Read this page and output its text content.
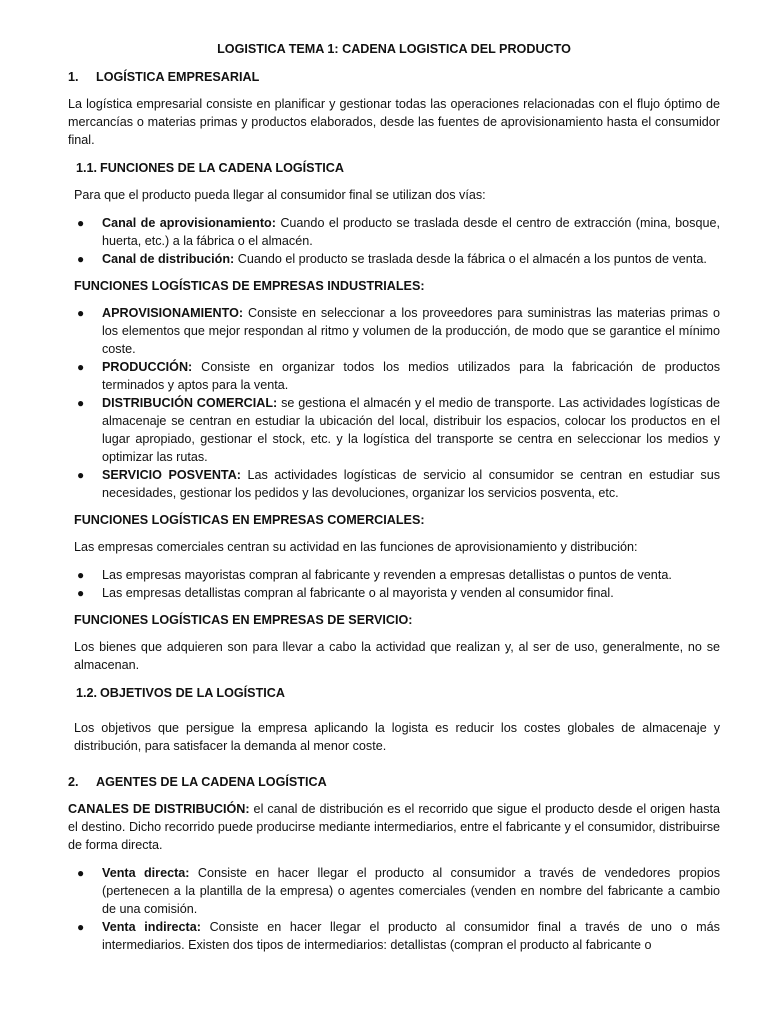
LOGISTICA TEMA 1: CADENA LOGISTICA DEL PRODUCTO
1.	LOGÍSTICA EMPRESARIAL

La logística empresarial consiste en planificar y gestionar todas las operaciones relacionadas con el flujo óptimo de mercancías o materias primas y productos elaborados, desde las fuentes de aprovisionamiento hasta el consumidor final.

1.1. FUNCIONES DE LA CADENA LOGÍSTICA

Para que el producto pueda llegar al consumidor final se utilizan dos vías:

● Canal de aprovisionamiento: Cuando el producto se traslada desde el centro de extracción (mina, bosque, huerta, etc.) a la fábrica o el almacén.
● Canal de distribución: Cuando el producto se traslada desde la fábrica o el almacén a los puntos de venta.
FUNCIONES LOGÍSTICAS DE EMPRESAS INDUSTRIALES:
● APROVISIONAMIENTO: Consiste en seleccionar a los proveedores para suministras las materias primas o los elementos que mejor respondan al ritmo y volumen de la producción, de modo que se garantice el mínimo coste.
● PRODUCCIÓN: Consiste en organizar todos los medios utilizados para la fabricación de productos terminados y aptos para la venta.
● DISTRIBUCIÓN COMERCIAL: se gestiona el almacén y el medio de transporte. Las actividades logísticas de almacenaje se centran en estudiar la ubicación del local, distribuir los espacios, colocar los productos en el lugar apropiado, gestionar el stock, etc. y la logística del transporte se centra en seleccionar los medios y optimizar las rutas.
● SERVICIO POSVENTA: Las actividades logísticas de servicio al consumidor se centran en estudiar sus necesidades, gestionar los pedidos y las devoluciones, organizar los servicios posventa, etc.
FUNCIONES LOGÍSTICAS EN EMPRESAS COMERCIALES:

Las empresas comerciales centran su actividad en las funciones de aprovisionamiento y distribución:

● Las empresas mayoristas compran al fabricante y revenden a empresas detallistas o puntos de venta.
● Las empresas detallistas compran al fabricante o al mayorista y venden al consumidor final.
FUNCIONES LOGÍSTICAS EN EMPRESAS DE SERVICIO:

Los bienes que adquieren son para llevar a cabo la actividad que realizan y, al ser de uso, generalmente, no se almacenan.

1.2. OBJETIVOS DE LA LOGÍSTICA

Los objetivos que persigue la empresa aplicando la logista es reducir los costes globales de almacenaje y distribución, para satisfacer la demanda al menor coste.

2.	AGENTES DE LA CADENA LOGÍSTICA

CANALES DE DISTRIBUCIÓN: el canal de distribución es el recorrido que sigue el producto desde el origen hasta el destino. Dicho recorrido puede producirse mediante intermediarios, entre el fabricante y el consumidor, distribuirse de forma directa.

● Venta directa: Consiste en hacer llegar el producto al consumidor a través de vendedores propios (pertenecen a la plantilla de la empresa) o agentes comerciales (venden en nombre del fabricante a cambio de una comisión.
● Venta indirecta: Consiste en hacer llegar el producto al consumidor final a través de uno o más intermediarios. Existen dos tipos de intermediarios: detallistas (compran el producto al fabricante o
